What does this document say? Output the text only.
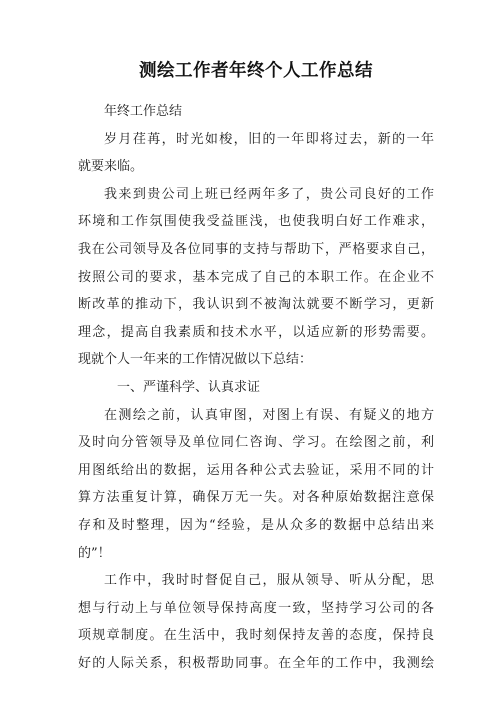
测绘工作者年终个人工作总结
年终工作总结
岁月荏苒，时光如梭，旧的一年即将过去，新的一年
就要来临。
我来到贵公司上班已经两年多了，贵公司良好的工作
环境和工作氛围使我受益匪浅，也使我明白好工作难求，
我在公司领导及各位同事的支持与帮助下，严格要求自己，
按照公司的要求，基本完成了自己的本职工作。在企业不
断改革的推动下，我认识到不被淘汰就要不断学习，更新
理念，提高自我素质和技术水平，以适应新的形势需要。
现就个人一年来的工作情况做以下总结：
一、严谨科学、认真求证
在测绘之前，认真审图，对图上有误、有疑义的地方
及时向分管领导及单位同仁咨询、学习。在绘图之前，利
用图纸给出的数据，运用各种公式去验证，采用不同的计
算方法重复计算，确保万无一失。对各种原始数据注意保
存和及时整理，因为“经验，是从众多的数据中总结出来
的”！
工作中，我时时督促自己，服从领导、听从分配，思
想与行动上与单位领导保持高度一致，坚持学习公司的各
项规章制度。在生活中，我时刻保持友善的态度，保持良
好的人际关系，积极帮助同事。在全年的工作中，我测绘
